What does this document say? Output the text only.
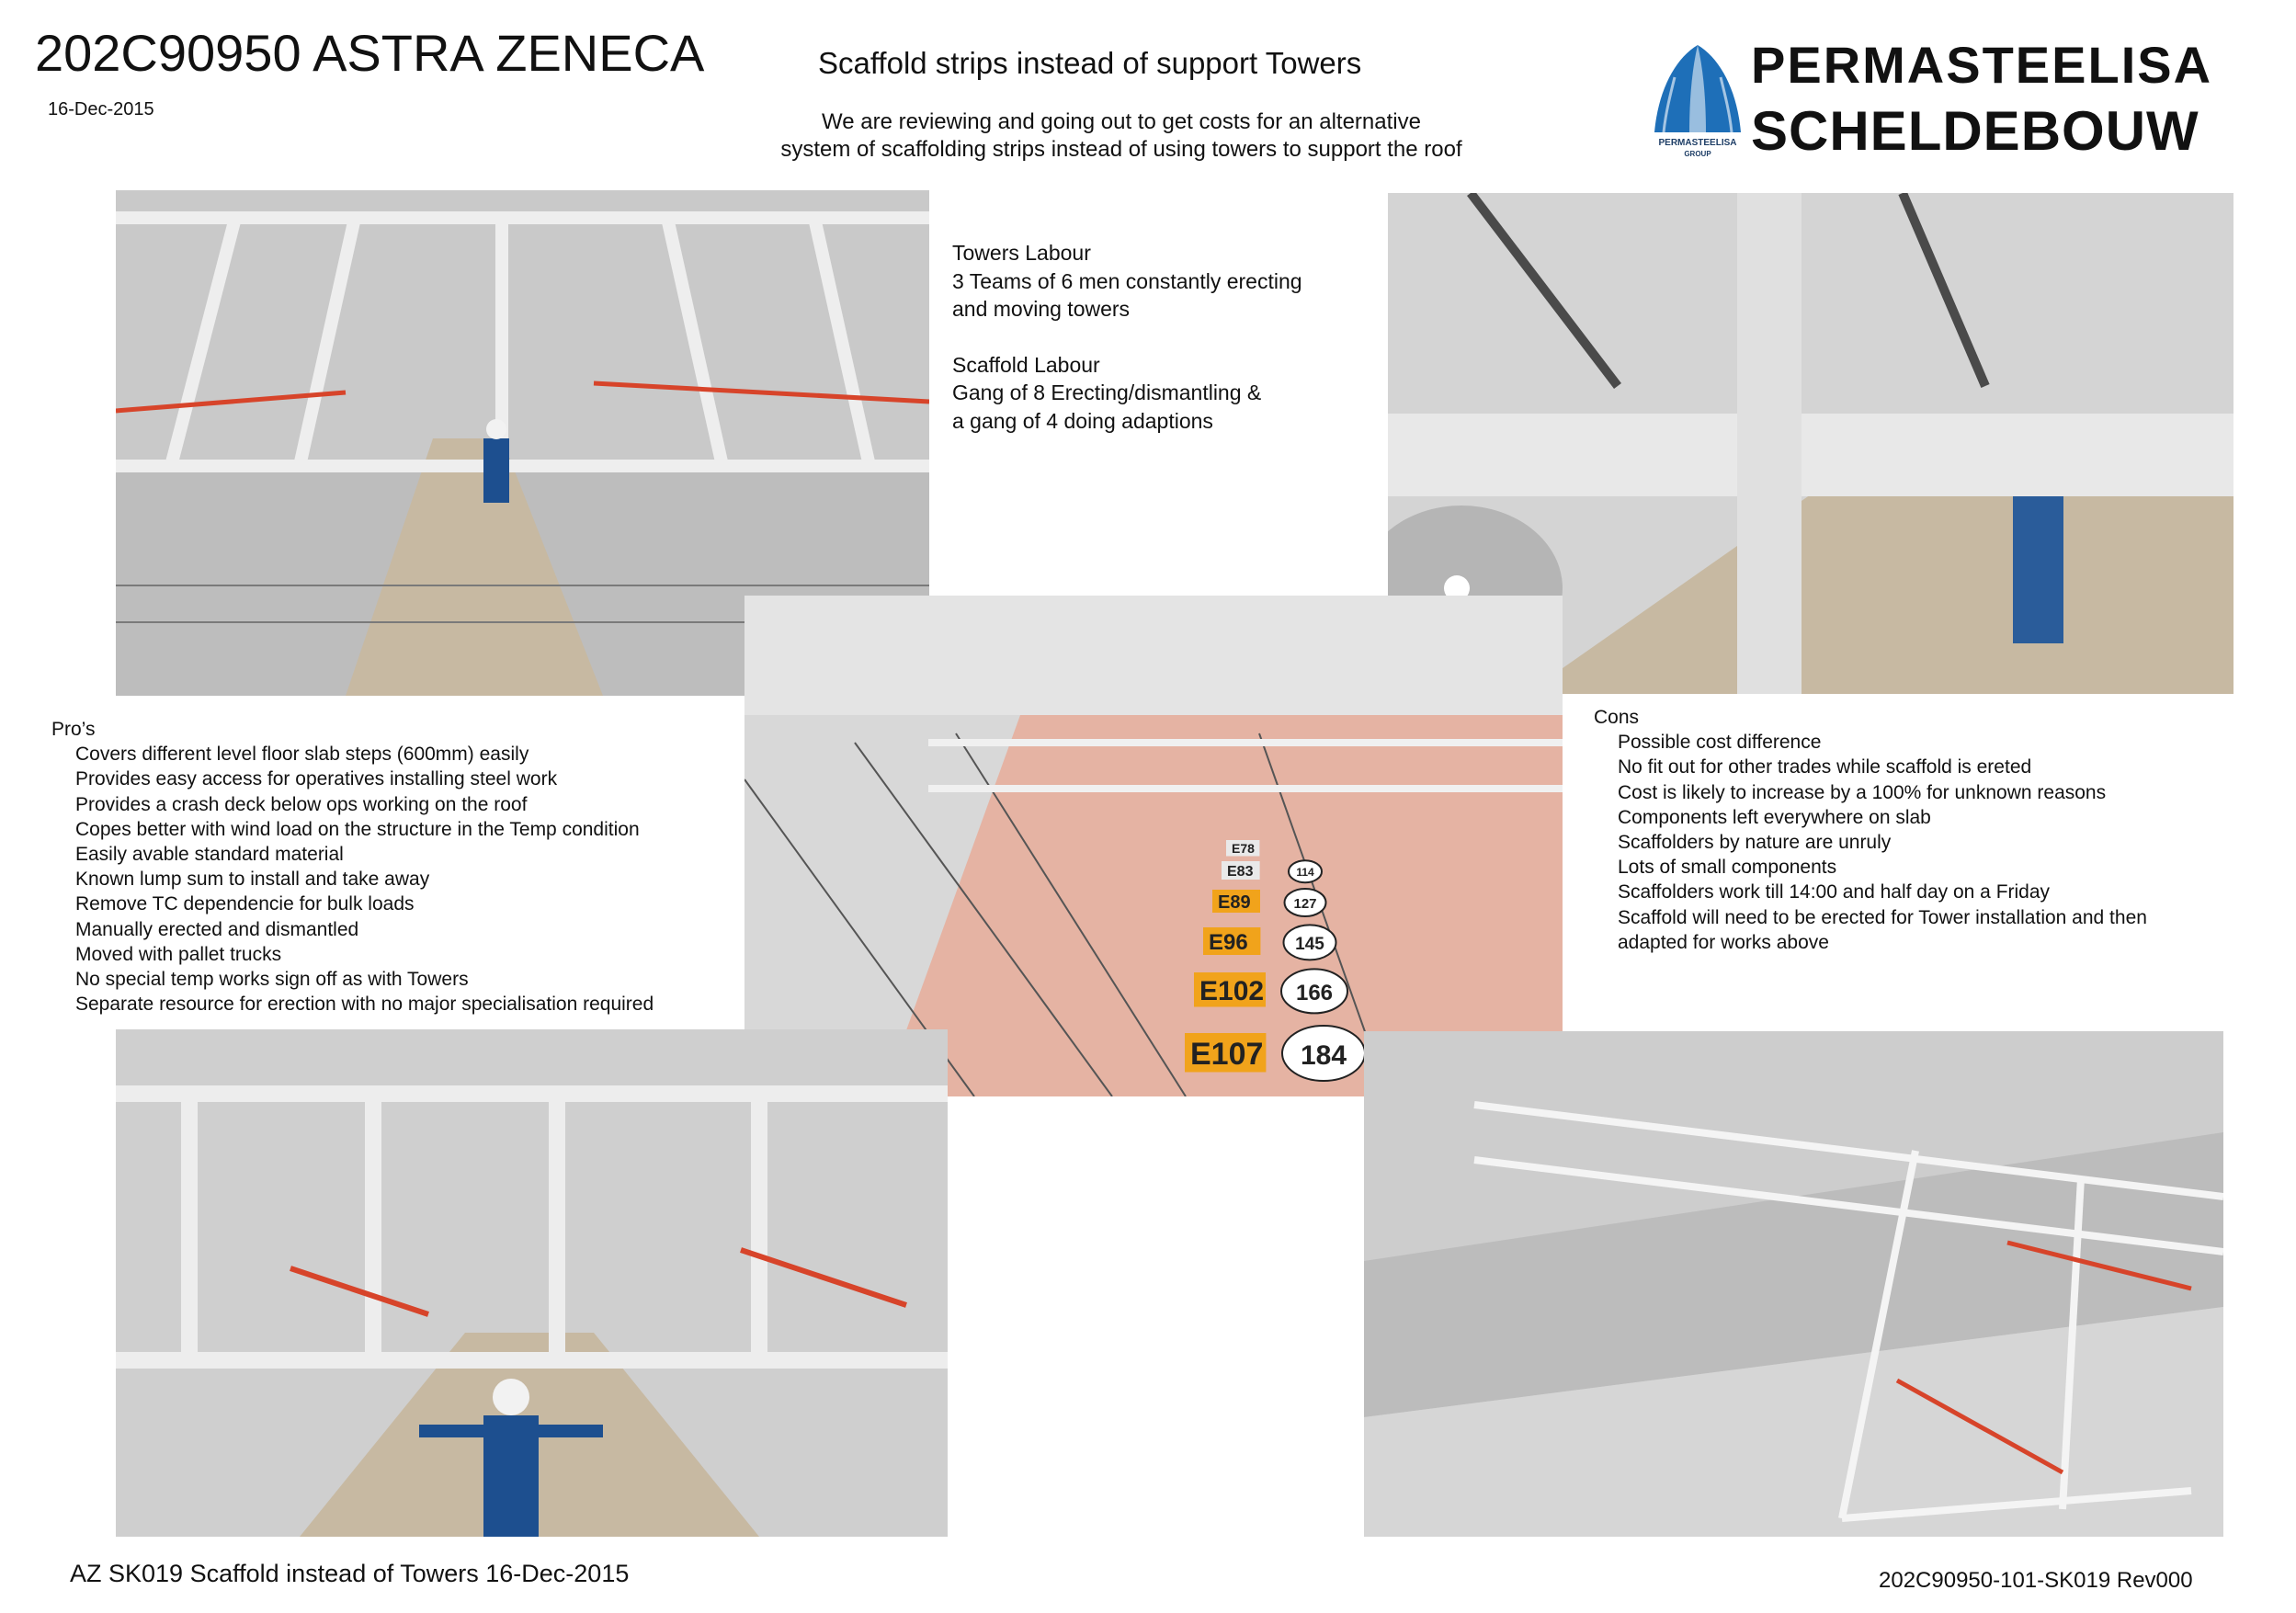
202C90950 ASTRA ZENECA
16-Dec-2015
Scaffold strips instead of support Towers
We are reviewing and going out to get costs for an alternative
system of scaffolding strips instead of using towers to support the roof	PERMASTEELISA
GROUP
PERMASTEELISA
SCHELDEBOUW

Towers Labour
3 Teams of 6 men constantly erecting
and moving towers

Scaffold Labour
Gang of 8 Erecting/dismantling &
a gang of 4 doing adaptions

E78
E83
E89
E96
E102
E107
114
127
145
166
184
Pro’s
Covers different level floor slab steps (600mm) easily
Provides easy access for operatives installing steel work
Provides a crash deck below ops working on the roof
Copes better with wind load on the structure in the Temp condition
Easily avable standard material
Known lump sum to install and take away
Remove TC dependencie for bulk loads
Manually erected and dismantled
Moved with pallet trucks
No special temp works sign off as with Towers
Separate resource for erection with no major specialisation required
Cons
Possible cost difference
No fit out for other trades while scaffold is ereted
Cost is likely to increase by a 100% for unknown reasons
Components left everywhere on slab
Scaffolders by nature are unruly
Lots of small components
Scaffolders work till 14:00 and half day on a Friday
Scaffold will need to be erected for Tower installation and then
adapted for works above
AZ SK019 Scaffold instead of Towers 16-Dec-2015	202C90950-101-SK019 Rev000
